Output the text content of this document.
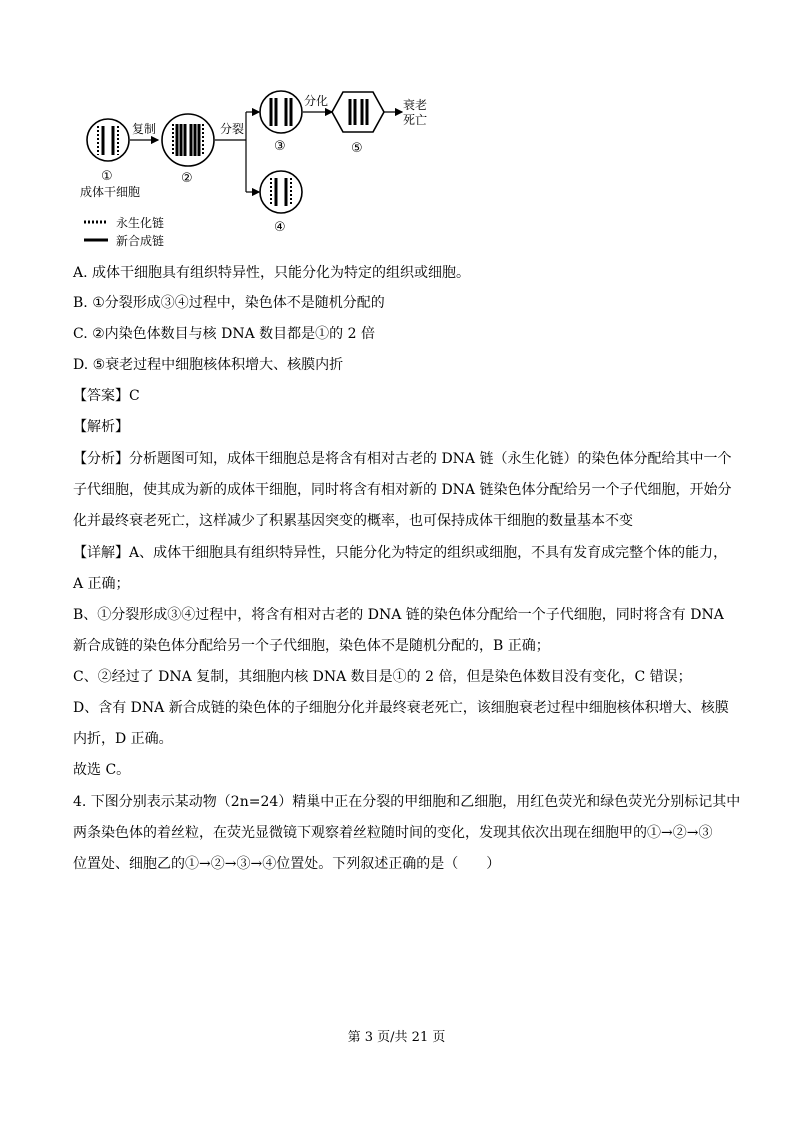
①
成体干细胞
复制
②
分裂
③
分化
⑤
衰老
死亡
④
永生化链
新合成链
A. 成体干细胞具有组织特异性，只能分化为特定的组织或细胞。
B. ①分裂形成③④过程中，染色体不是随机分配的
C. ②内染色体数目与核 DNA 数目都是①的 2 倍
D. ⑤衰老过程中细胞核体积增大、核膜内折
【答案】C
【解析】
【分析】分析题图可知，成体干细胞总是将含有相对古老的 DNA 链（永生化链）的染色体分配给其中一个
子代细胞，使其成为新的成体干细胞，同时将含有相对新的 DNA 链染色体分配给另一个子代细胞，开始分
化并最终衰老死亡，这样减少了积累基因突变的概率，也可保持成体干细胞的数量基本不变
【详解】A、成体干细胞具有组织特异性，只能分化为特定的组织或细胞，不具有发育成完整个体的能力，
A 正确；
B、①分裂形成③④过程中，将含有相对古老的 DNA 链的染色体分配给一个子代细胞，同时将含有 DNA
新合成链的染色体分配给另一个子代细胞，染色体不是随机分配的，B 正确；
C、②经过了 DNA 复制，其细胞内核 DNA 数目是①的 2 倍，但是染色体数目没有变化，C 错误；
D、含有 DNA 新合成链的染色体的子细胞分化并最终衰老死亡，该细胞衰老过程中细胞核体积增大、核膜
内折，D 正确。
故选 C。
4. 下图分别表示某动物（2n=24）精巢中正在分裂的甲细胞和乙细胞，用红色荧光和绿色荧光分别标记其中
两条染色体的着丝粒，在荧光显微镜下观察着丝粒随时间的变化，发现其依次出现在细胞甲的①→②→③
位置处、细胞乙的①→②→③→④位置处。下列叙述正确的是（　　）
第 3 页/共 21 页
